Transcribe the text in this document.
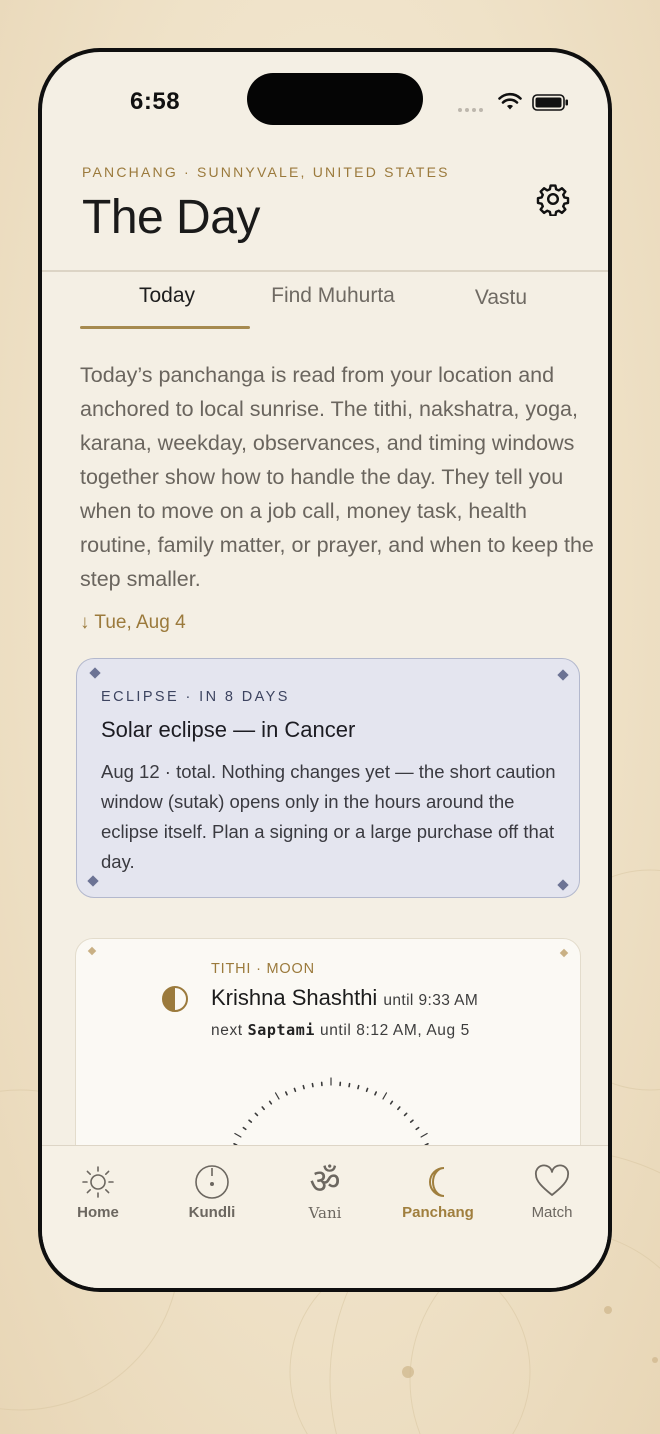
6:58
PANCHANG · SUNNYVALE, UNITED STATES
The Day
Today	Find Muhurta	Vastu
Today’s panchanga is read from your location and anchored to local sunrise. The tithi, nakshatra, yoga, karana, weekday, observances, and timing windows together show how to handle the day. They tell you when to move on a job call, money task, health routine, family matter, or prayer, and when to keep the step smaller.
↓ Tue, Aug 4
ECLIPSE · IN 8 DAYS
Solar eclipse — in Cancer
Aug 12 · total. Nothing changes yet — the short caution window (sutak) opens only in the hours around the eclipse itself. Plan a signing or a large purchase off that day.
TITHI · MOON
Krishna Shashthi until 9:33 AM
next Saptami until 8:12 AM, Aug 5
Home	Kundli
ॐ
Vani	Panchang	Match
